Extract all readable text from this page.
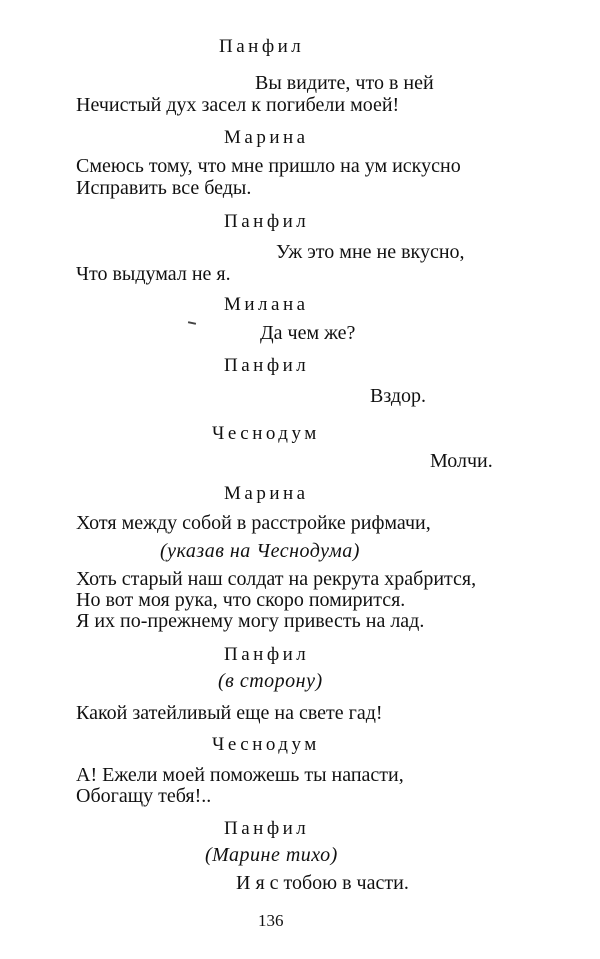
Панфил

Вы видите, что в ней

Нечистый дух засел к погибели моей!

Марина

Смеюсь тому, что мне пришло на ум искусно

Исправить все беды.

Панфил

Уж это мне не вкусно,

Что выдумал не я.

Милана

Да чем же?

Панфил

Вздор.

Чеснодум

Молчи.

Марина

Хотя между собой в расстройке рифмачи,

(указав на Чеснодума)

Хоть старый наш солдат на рекрута храбрится,

Но вот моя рука, что скоро помирится.

Я их по-прежнему могу привесть на лад.

Панфил

(в сторону)

Какой затейливый еще на свете гад!

Чеснодум

А! Ежели моей поможешь ты напасти,

Обогащу тебя!..

Панфил

(Марине тихо)

И я с тобою в части.

136
